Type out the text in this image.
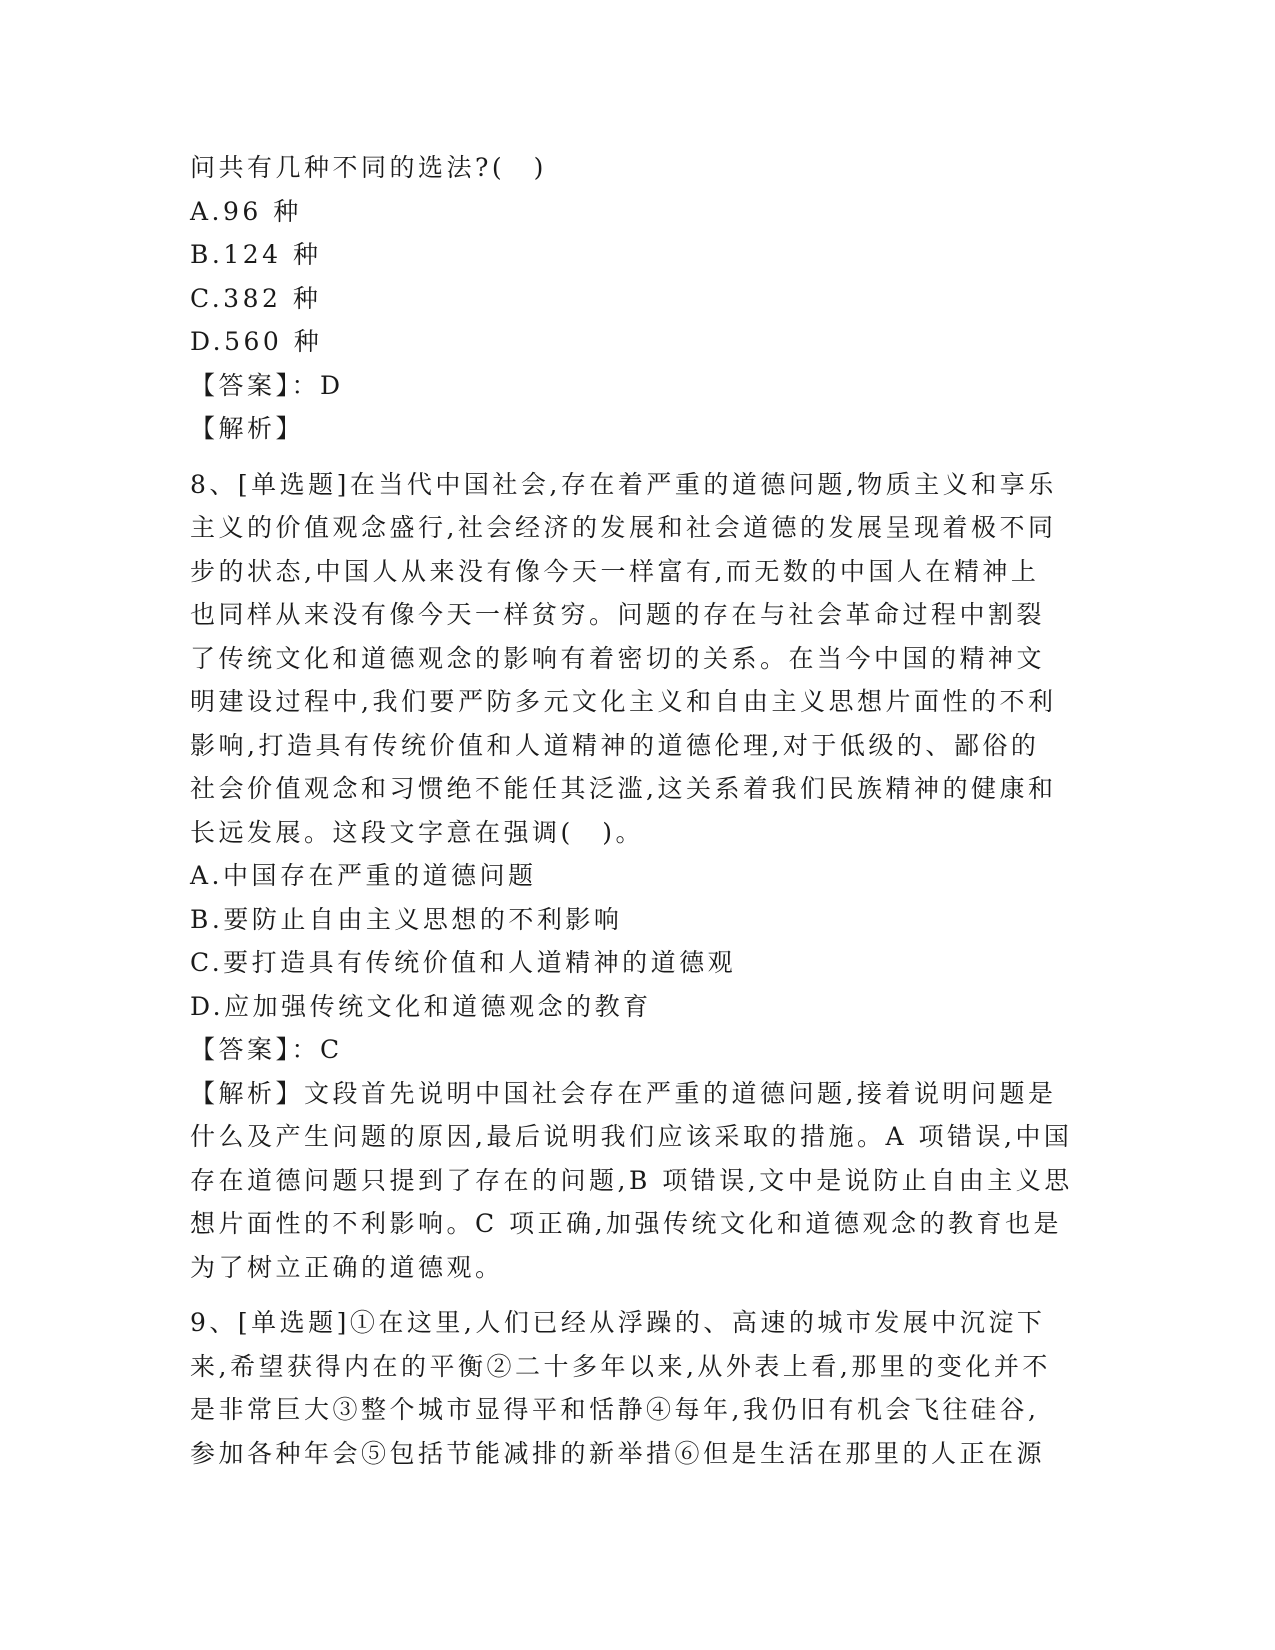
问共有几种不同的选法?(　)
A.96 种
B.124 种
C.382 种
D.560 种
【答案】：D
【解析】
8、[单选题]在当代中国社会,存在着严重的道德问题,物质主义和享乐
主义的价值观念盛行,社会经济的发展和社会道德的发展呈现着极不同
步的状态,中国人从来没有像今天一样富有,而无数的中国人在精神上
也同样从来没有像今天一样贫穷。问题的存在与社会革命过程中割裂
了传统文化和道德观念的影响有着密切的关系。在当今中国的精神文
明建设过程中,我们要严防多元文化主义和自由主义思想片面性的不利
影响,打造具有传统价值和人道精神的道德伦理,对于低级的、鄙俗的
社会价值观念和习惯绝不能任其泛滥,这关系着我们民族精神的健康和
长远发展。这段文字意在强调(　)。
A.中国存在严重的道德问题
B.要防止自由主义思想的不利影响
C.要打造具有传统价值和人道精神的道德观
D.应加强传统文化和道德观念的教育
【答案】：C
【解析】文段首先说明中国社会存在严重的道德问题,接着说明问题是
什么及产生问题的原因,最后说明我们应该采取的措施。A 项错误,中国
存在道德问题只提到了存在的问题,B 项错误,文中是说防止自由主义思
想片面性的不利影响。C 项正确,加强传统文化和道德观念的教育也是
为了树立正确的道德观。
9、[单选题]①在这里,人们已经从浮躁的、高速的城市发展中沉淀下
来,希望获得内在的平衡②二十多年以来,从外表上看,那里的变化并不
是非常巨大③整个城市显得平和恬静④每年,我仍旧有机会飞往硅谷,
参加各种年会⑤包括节能减排的新举措⑥但是生活在那里的人正在源
